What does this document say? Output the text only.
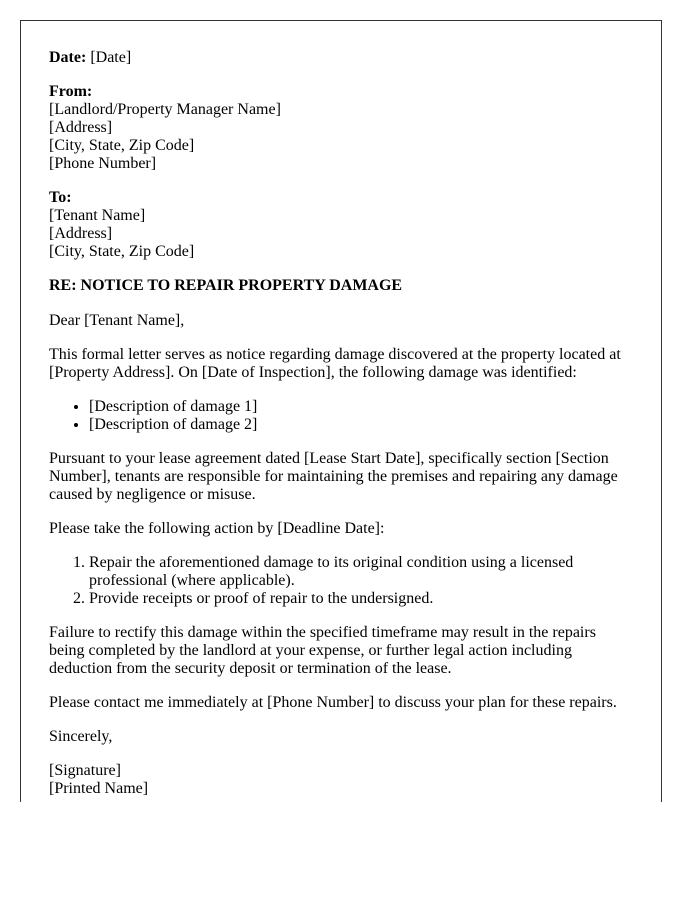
Date: [Date]

From:
[Landlord/Property Manager Name]
[Address]
[City, State, Zip Code]
[Phone Number]
To:
[Tenant Name]
[Address]
[City, State, Zip Code]

RE: NOTICE TO REPAIR PROPERTY DAMAGE

Dear [Tenant Name],

This formal letter serves as notice regarding damage discovered at the property located at [Property Address]. On [Date of Inspection], the following damage was identified:

• [Description of damage 1]
• [Description of damage 2]

Pursuant to your lease agreement dated [Lease Start Date], specifically section [Section Number], tenants are responsible for maintaining the premises and repairing any damage caused by negligence or misuse.

Please take the following action by [Deadline Date]:

1. Repair the aforementioned damage to its original condition using a licensed professional (where applicable).
2. Provide receipts or proof of repair to the undersigned.

Failure to rectify this damage within the specified timeframe may result in the repairs being completed by the landlord at your expense, or further legal action including deduction from the security deposit or termination of the lease.

Please contact me immediately at [Phone Number] to discuss your plan for these repairs.

Sincerely,

[Signature]
[Printed Name]
